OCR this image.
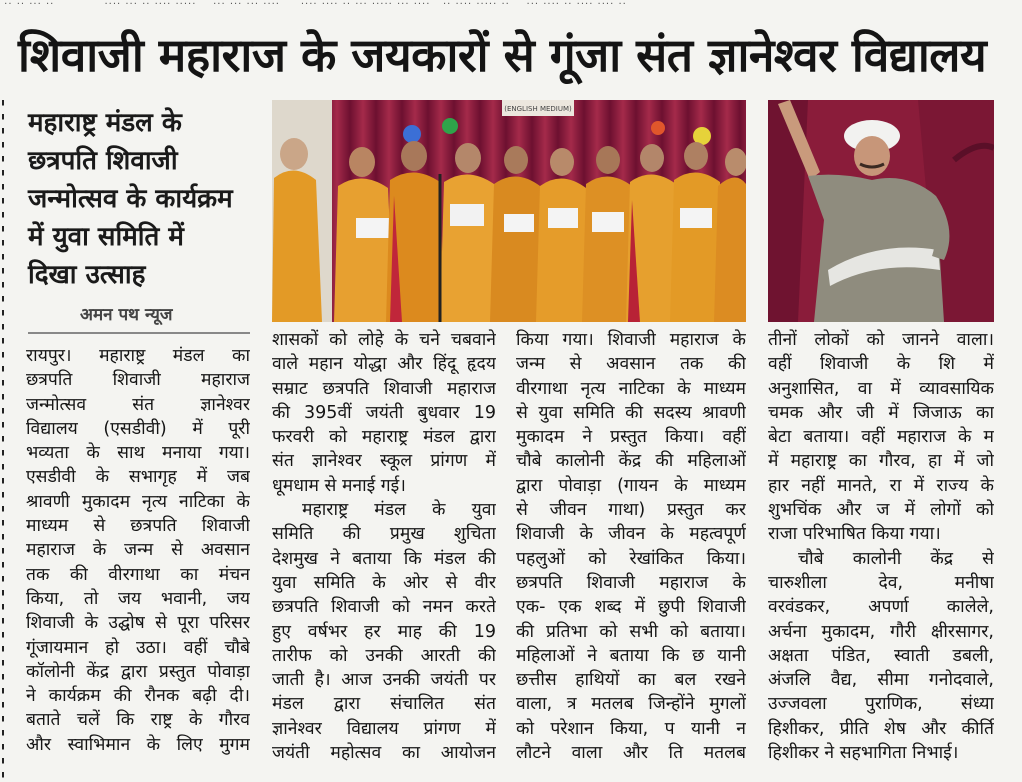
·· ·· ··· ··            ···· ··· ·· ···· ·····    ··· ··· ··· ····     ···· ···· ·· ··· ····· ··· ····   ·· ···· ····· ··    ··· ···· ·· ···· ···· ··
शिवाजी महाराज के जयकारों से गूंजा संत ज्ञानेश्वर विद्यालय
महाराष्ट्र मंडल के
छत्रपति शिवाजी
जन्मोत्सव के कार्यक्रम
में युवा समिति में
दिखा उत्साह
अमन पथ न्यूज
(ENGLISH MEDIUM)

रायपुर। महाराष्ट्र मंडल का

छत्रपति शिवाजी महाराज

जन्मोत्सव संत ज्ञानेश्वर

विद्यालय (एसडीवी) में पूरी

भव्यता के साथ मनाया गया।

एसडीवी के सभागृह में जब

श्रावणी मुकादम नृत्य नाटिका के

माध्यम से छत्रपति शिवाजी

महाराज के जन्म से अवसान

तक की वीरगाथा का मंचन

किया, तो जय भवानी, जय

शिवाजी के उद्घोष से पूरा परिसर

गूंजायमान हो उठा। वहीं चौबे

कॉलोनी केंद्र द्वारा प्रस्तुत पोवाड़ा

ने कार्यक्रम की रौनक बढ़ी दी।

बताते चलें कि राष्ट्र के गौरव

और स्वाभिमान के लिए मुगम

शासकों को लोहे के चने चबवाने

वाले महान योद्धा और हिंदू हृदय

सम्राट छत्रपति शिवाजी महाराज

की 395वीं जयंती बुधवार 19

फरवरी को महाराष्ट्र मंडल द्वारा

संत ज्ञानेश्वर स्कूल प्रांगण में

धूमधाम से मनाई गई।

महाराष्ट्र मंडल के युवा

समिति की प्रमुख शुचिता

देशमुख ने बताया कि मंडल की

युवा समिति के ओर से वीर

छत्रपति शिवाजी को नमन करते

हुए वर्षभर हर माह की 19

तारीफ को उनकी आरती की

जाती है। आज उनकी जयंती पर

मंडल द्वारा संचालित संत

ज्ञानेश्वर विद्यालय प्रांगण में

जयंती महोत्सव का आयोजन

किया गया। शिवाजी महाराज के

जन्म से अवसान तक की

वीरगाथा नृत्य नाटिका के माध्यम

से युवा समिति की सदस्य श्रावणी

मुकादम ने प्रस्तुत किया। वहीं

चौबे कालोनी केंद्र की महिलाओं

द्वारा पोवाड़ा (गायन के माध्यम

से जीवन गाथा) प्रस्तुत कर

शिवाजी के जीवन के महत्वपूर्ण

पहलुओं को रेखांकित किया।

छत्रपति शिवाजी महाराज के

एक- एक शब्द में छुपी शिवाजी

की प्रतिभा को सभी को बताया।

महिलाओं ने बताया कि छ यानी

छत्तीस हाथियों का बल रखने

वाला, त्र मतलब जिन्होंने मुगलों

को परेशान किया, प यानी न

लौटने वाला और ति मतलब

तीनों लोकों को जानने वाला।

वहीं शिवाजी के शि में

अनुशासित, वा में व्यावसायिक

चमक और जी में जिजाऊ का

बेटा बताया। वहीं महाराज के म

में महाराष्ट्र का गौरव, हा में जो

हार नहीं मानते, रा में राज्य के

शुभचिंक और ज में लोगों को

राजा परिभाषित किया गया।

चौबे कालोनी केंद्र से

चारुशीला देव, मनीषा

वरवंडकर, अपर्णा कालेले,

अर्चना मुकादम, गौरी क्षीरसागर,

अक्षता पंडित, स्वाती डबली,

अंजलि वैद्य, सीमा गनोदवाले,

उज्जवला पुराणिक, संध्या

हिशीकर, प्रीति शेष और कीर्ति

हिशीकर ने सहभागिता निभाई।
